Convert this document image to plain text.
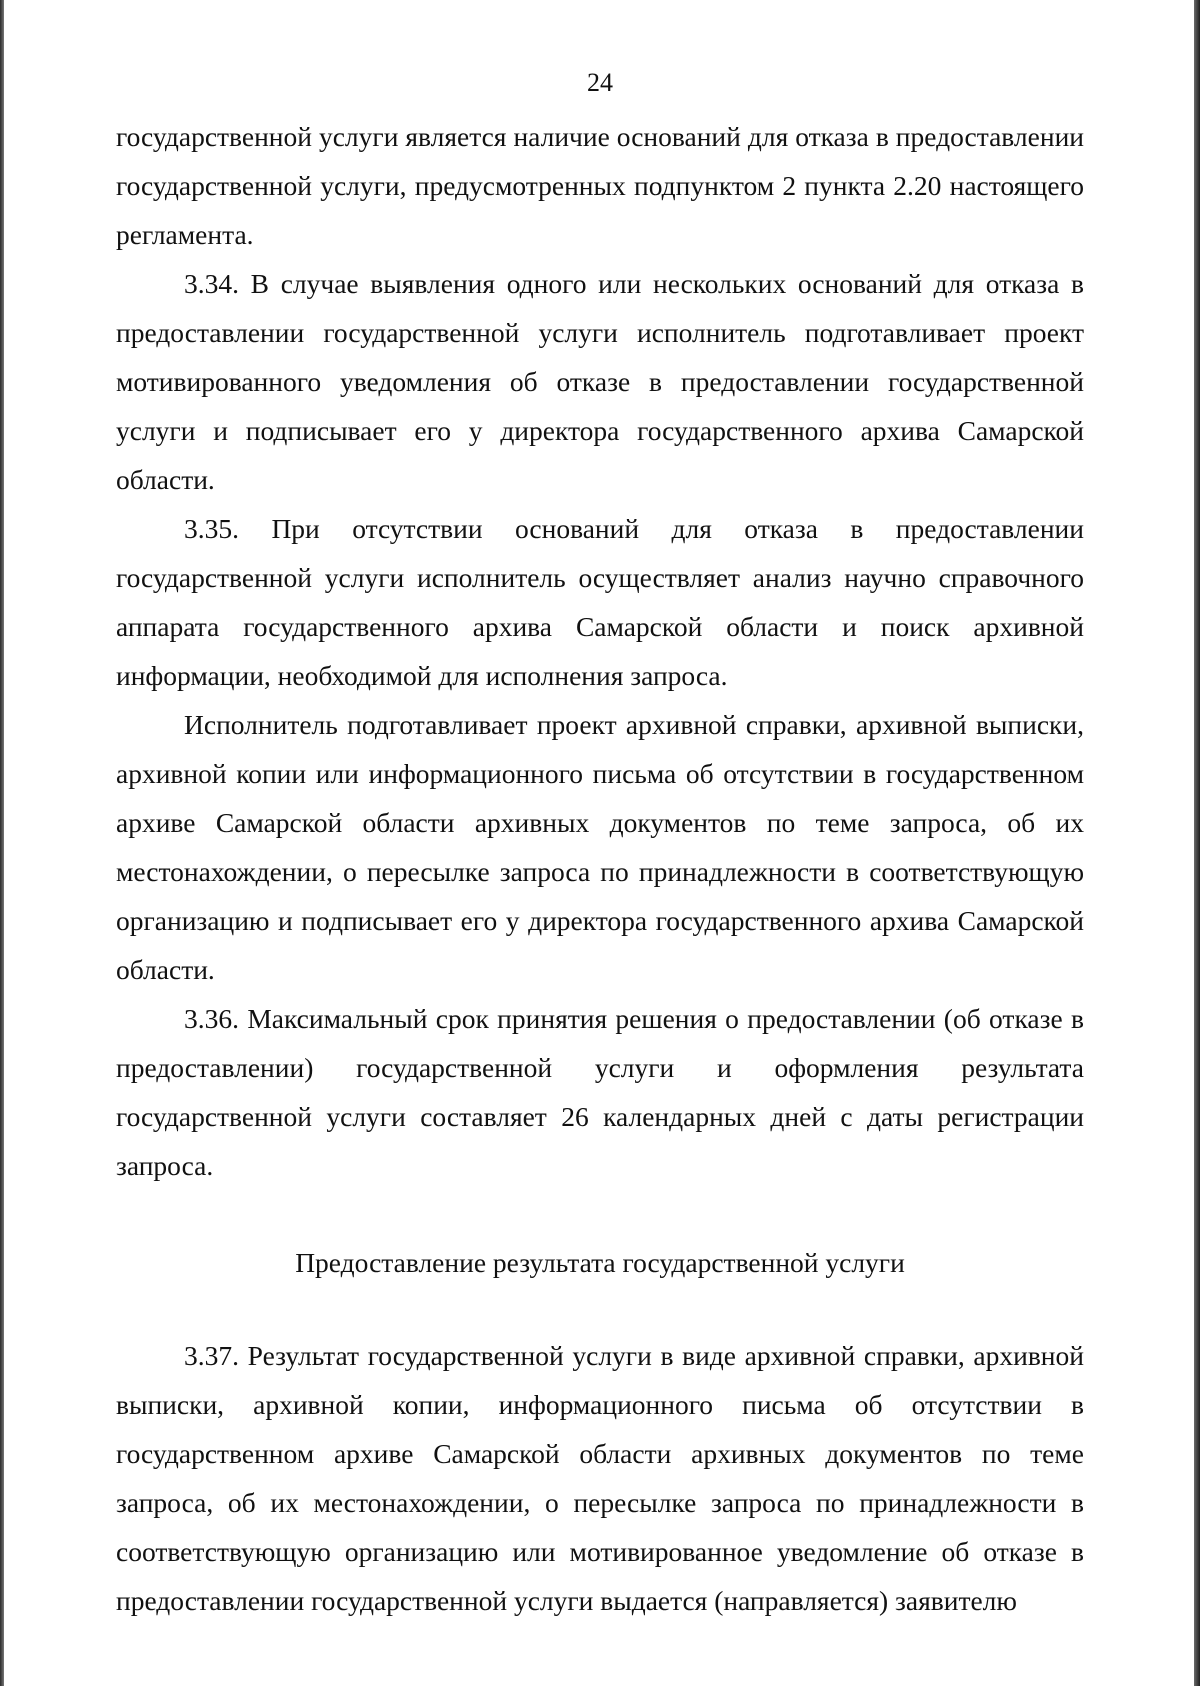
24

государственной услуги является наличие оснований для отказа в предоставлении государственной услуги, предусмотренных подпунктом 2 пункта 2.20 настоящего регламента.

3.34. В случае выявления одного или нескольких оснований для отказа в предоставлении государственной услуги исполнитель подготавливает проект мотивированного уведомления об отказе в предоставлении государственной услуги и подписывает его у директора государственного архива Самарской области.

3.35. При отсутствии оснований для отказа в предоставлении государственной услуги исполнитель осуществляет анализ научно справочного аппарата государственного архива Самарской области и поиск архивной информации, необходимой для исполнения запроса.

Исполнитель подготавливает проект архивной справки, архивной выписки, архивной копии или информационного письма об отсутствии в государственном архиве Самарской области архивных документов по теме запроса, об их местонахождении, о пересылке запроса по принадлежности в соответствующую организацию и подписывает его у директора государственного архива Самарской области.

3.36. Максимальный срок принятия решения о предоставлении (об отказе в предоставлении) государственной услуги и оформления результата государственной услуги составляет 26 календарных дней с даты регистрации запроса.

Предоставление результата государственной услуги

3.37. Результат государственной услуги в виде архивной справки, архивной выписки, архивной копии, информационного письма об отсутствии в государственном архиве Самарской области архивных документов по теме запроса, об их местонахождении, о пересылке запроса по принадлежности в соответствующую организацию или мотивированное уведомление об отказе в предоставлении государственной услуги выдается (направляется) заявителю
